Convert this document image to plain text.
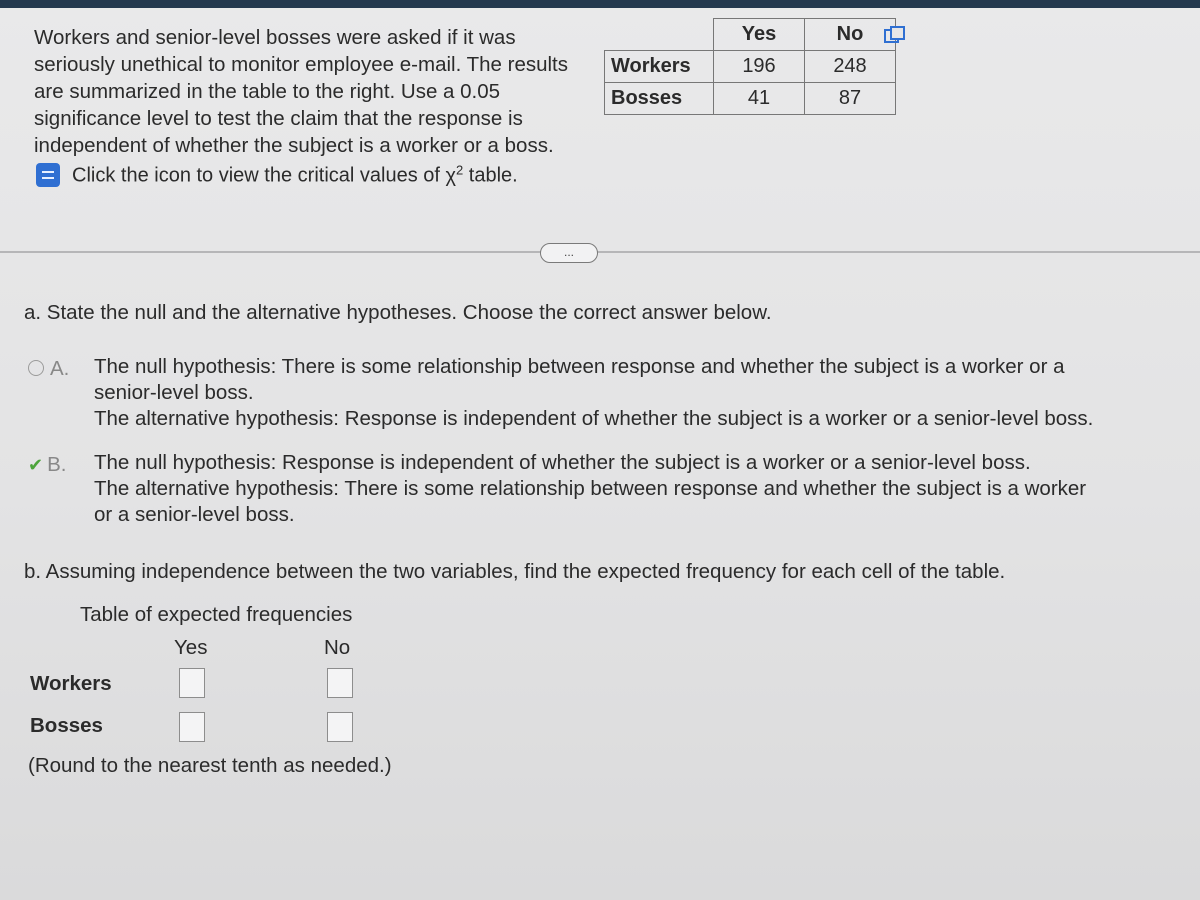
Workers and senior-level bosses were asked if it was
seriously unethical to monitor employee e-mail. The results
are summarized in the table to the right. Use a 0.05
significance level to test the claim that the response is
independent of whether the subject is a worker or a boss.
Click the icon to view the critical values of $\chi^2$ table.
	Yes	No
Workers	196	248
Bosses	41	87
...
a. State the null and the alternative hypotheses. Choose the correct answer below.
A.	The null hypothesis: There is some relationship between response and whether the subject is a worker or a
senior-level boss.
The alternative hypothesis: Response is independent of whether the subject is a worker or a senior-level boss.
✔ B.	The null hypothesis: Response is independent of whether the subject is a worker or a senior-level boss.
The alternative hypothesis: There is some relationship between response and whether the subject is a worker
or a senior-level boss.
b. Assuming independence between the two variables, find the expected frequency for each cell of the table.
Table of expected frequencies
Yes	No
Workers
Bosses
(Round to the nearest tenth as needed.)
